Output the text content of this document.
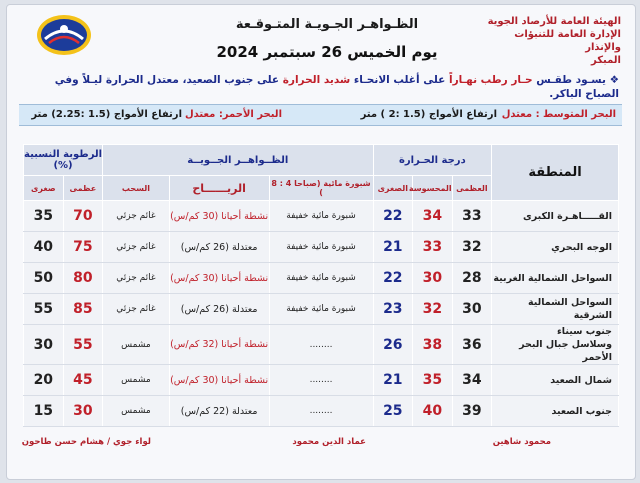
الهيئة العامة للأرصاد الجوية
الإدارة العامة للتنبؤات والإنذار
المبكر
الظـواهـر الجـويـة المتـوقـعة
يوم الخميس 26 سبتمبر 2024
❖ يسـود طقـس حـار رطب نهـاراً على أغلب الانحـاء شديد الحرارة على جنوب الصعيد، معتدل الحرارة ليـلاً وفي الصباح الباكر.
البحر المتوسط : معتدل
ارتفاع الأمواج (1.5 :2 ) متر
البحر الأحمر: معتدل
ارتفاع الأمواج (1.5 :2.25) متر
المنطقة	درجة الحـرارة			الظــواهــر الجــويــة			الرطوبة النسبية (%)	
	العظمى	المحسوسة	الصغرى	شبورة مائية (صباحا 4 : 8 )	الريــــــاح	السحب	عظمى	صغرى
القـــــاهـرة الكبرى	33	34	22	شبورة مائية خفيفة	نشطة أحيانا (30 كم/س)	غائم جزئي	70	35
الوجه البحري	32	33	21	شبورة مائية خفيفة	معتدلة (26 كم/س)	غائم جزئي	75	40
السواحل الشمالية الغربية	28	30	22	شبورة مائية خفيفة	نشطة أحيانا (30 كم/س)	غائم جزئي	80	50
السواحل الشمالية الشرقية	30	32	23	شبورة مائية خفيفة	معتدلة (26 كم/س)	غائم جزئي	85	55

جنوب سيناء
وسلاسل جبال البحر الأحمر	36	38	26	........	نشطة أحيانا (32 كم/س)	مشمس	55	30
شمال الصعيد	34	35	21	........	نشطة أحيانا (30 كم/س)	مشمس	45	20
جنوب الصعيد	39	40	25	........	معتدلة (22 كم/س)	مشمس	30	15
محمود شاهين
عماد الدين محمود
لواء جوي / هشام حسن طاحون
